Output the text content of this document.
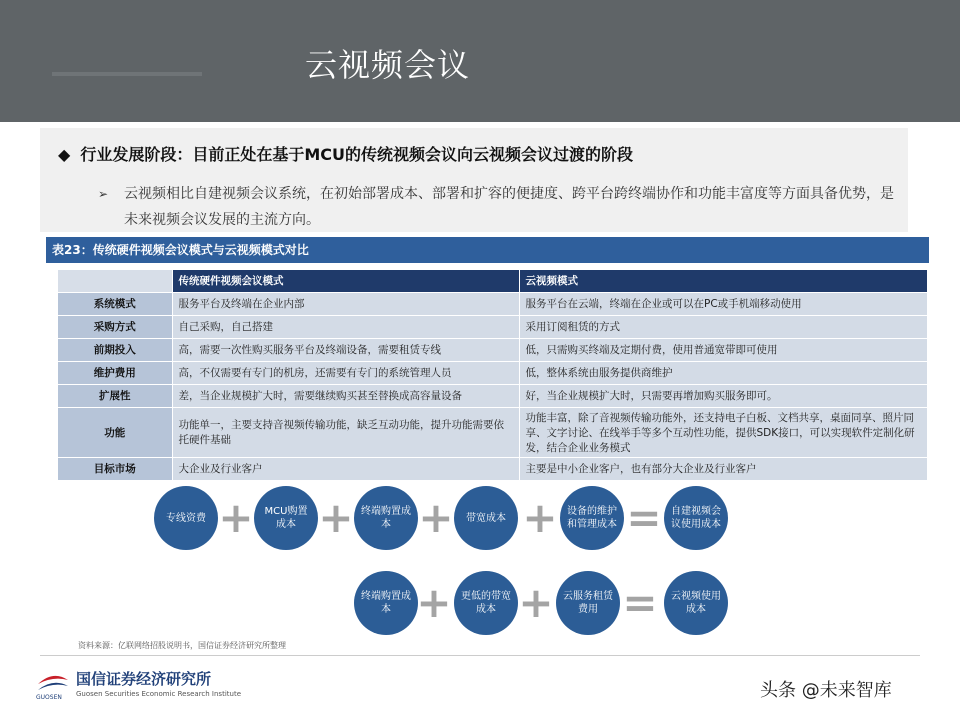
云视频会议
◆ 行业发展阶段：目前正处在基于MCU的传统视频会议向云视频会议过渡的阶段
➢	云视频相比自建视频会议系统，在初始部署成本、部署和扩容的便捷度、跨平台跨终端协作和功能丰富度等方面具备优势，是未来视频会议发展的主流方向。
表23：传统硬件视频会议模式与云视频模式对比
	传统硬件视频会议模式	云视频模式
系统模式	服务平台及终端在企业内部	服务平台在云端，终端在企业或可以在PC或手机端移动使用
采购方式	自己采购，自己搭建	采用订阅租赁的方式
前期投入	高，需要一次性购买服务平台及终端设备，需要租赁专线	低，只需购买终端及定期付费，使用普通宽带即可使用
维护费用	高，不仅需要有专门的机房，还需要有专门的系统管理人员	低，整体系统由服务提供商维护
扩展性	差，当企业规模扩大时，需要继续购买甚至替换成高容量设备	好，当企业规模扩大时，只需要再增加购买服务即可。
功能	功能单一，主要支持音视频传输功能，缺乏互动功能，提升功能需要依托硬件基础	功能丰富，除了音视频传输功能外，还支持电子白板、文档共享，桌面同享、照片同享、文字讨论、在线举手等多个互动性功能，提供SDK接口，可以实现软件定制化研发，结合企业业务模式
目标市场	大企业及行业客户	主要是中小企业客户，也有部分大企业及行业客户
专线资费 +	MCU购置成本 + 终端购置成本 +	带宽成本 + 设备的维护和管理成本 = 自建视频会议使用成本
终端购置成本 + 更低的带宽成本 + 云服务租赁费用 =	云视频使用成本
资料来源：亿联网络招股说明书，国信证券经济研究所整理
GUOSEN
国信证券经济研究所
Guosen Securities Economic Research Institute	头条 @未来智库
